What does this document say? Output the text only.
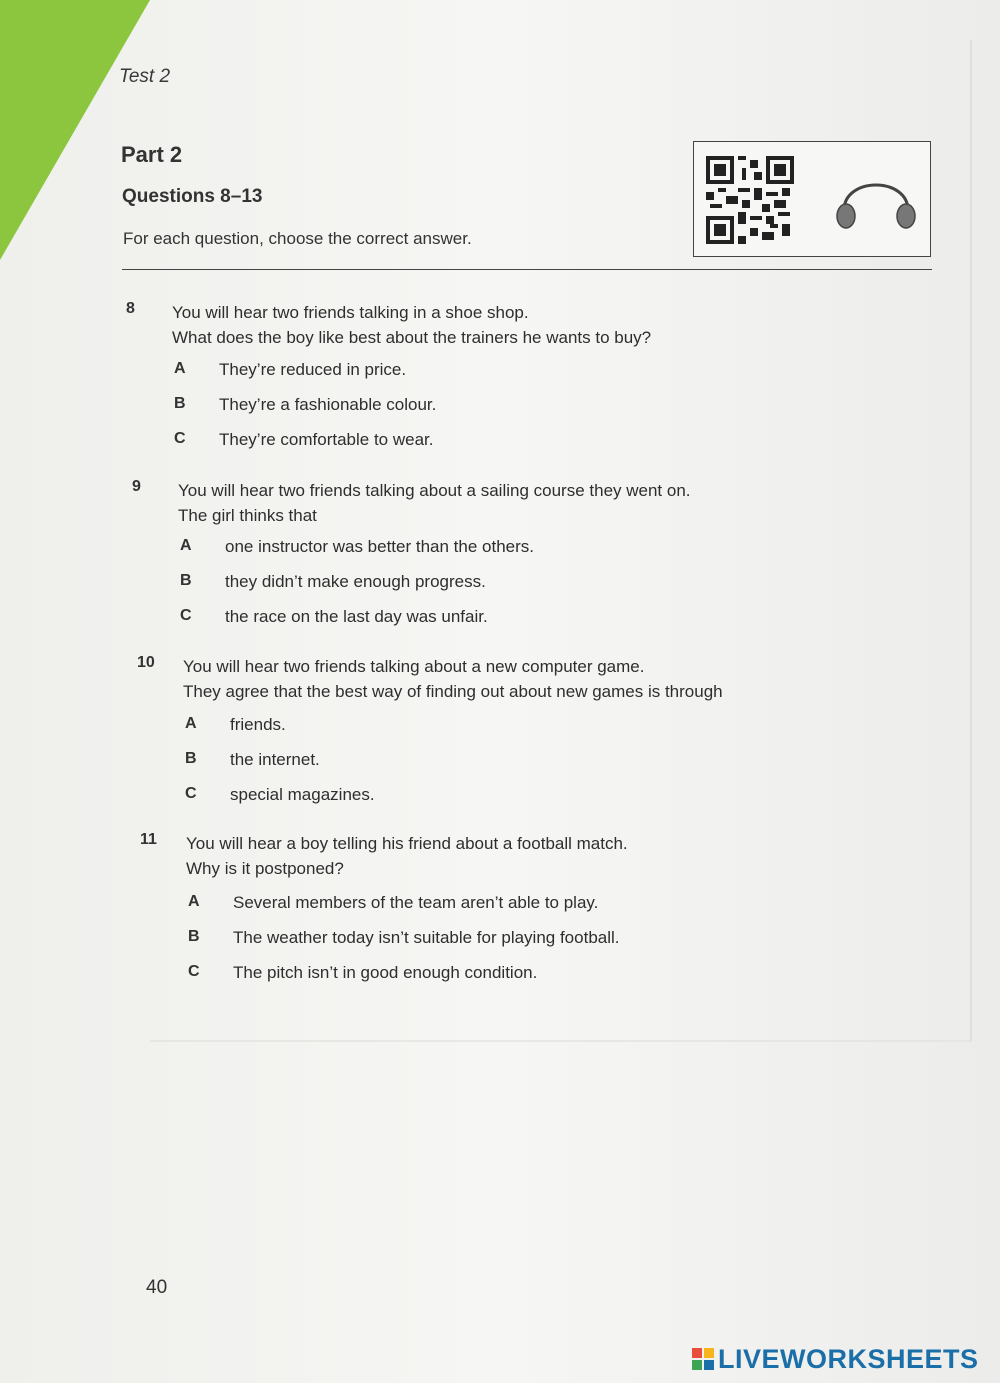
Test 2
Part 2
Questions 8–13
For each question, choose the correct answer.
8 You will hear two friends talking in a shoe shop.
What does the boy like best about the trainers he wants to buy?
A They’re reduced in price.
B They’re a fashionable colour.
C They’re comfortable to wear.
9 You will hear two friends talking about a sailing course they went on.
The girl thinks that
A one instructor was better than the others.
B they didn’t make enough progress.
C the race on the last day was unfair.
10 You will hear two friends talking about a new computer game.
They agree that the best way of finding out about new games is through
A friends.
B the internet.
C special magazines.
11 You will hear a boy telling his friend about a football match.
Why is it postponed?
A Several members of the team aren’t able to play.
B The weather today isn’t suitable for playing football.
C The pitch isn’t in good enough condition.
40
LIVEWORKSHEETS
